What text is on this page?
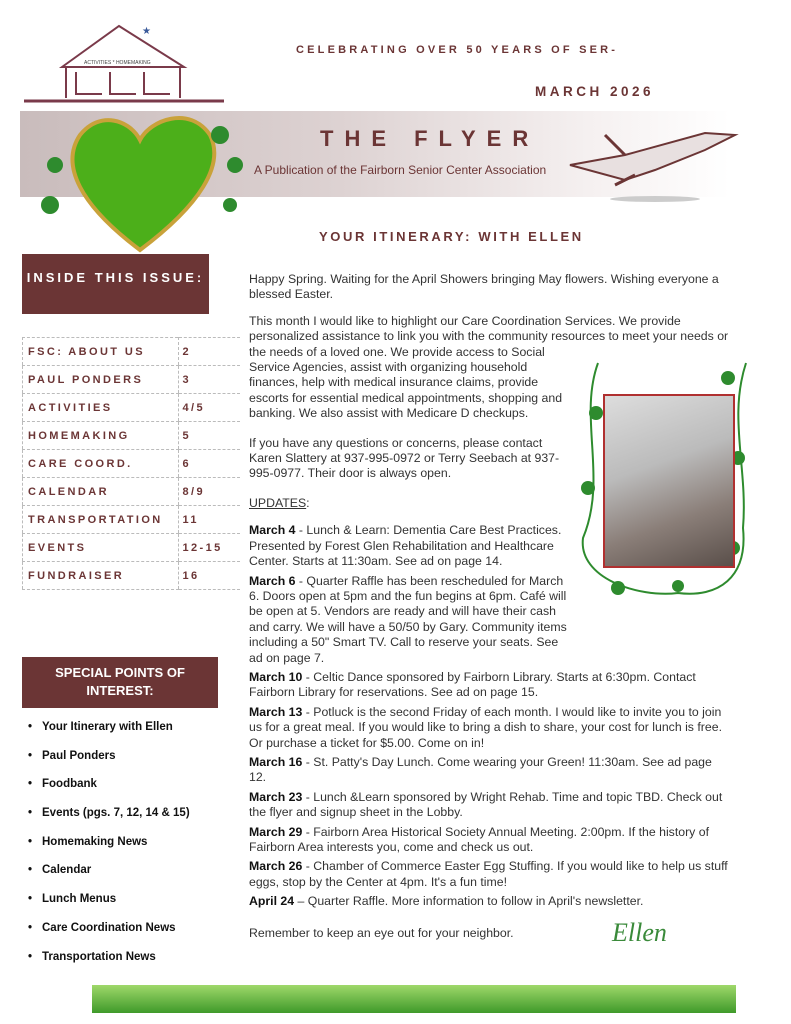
★
ACTIVITIES * HOMEMAKING
CELEBRATING OVER 50 YEARS OF SER-
MARCH 2026
THE FLYER
A Publication of the Fairborn Senior Center Association
YOUR ITINERARY: WITH ELLEN
INSIDE THIS ISSUE:
FSC: ABOUT US	2
PAUL PONDERS	3
ACTIVITIES	4/5
HOMEMAKING	5
CARE COORD.	6
CALENDAR	8/9
TRANSPORTATION	11
EVENTS	12-15
FUNDRAISER	16
SPECIAL POINTS OF INTEREST:
• Your Itinerary with Ellen
• Paul Ponders
• Foodbank
• Events (pgs. 7, 12, 14 & 15)
• Homemaking News
• Calendar
• Lunch Menus
• Care Coordination News
• Transportation News

Happy Spring. Waiting for the April Showers bringing May flowers. Wishing everyone a blessed Easter.

This month I would like to highlight our Care Coordination Services. We provide personalized assistance to link you with the community resources to meet your needs or

the needs of a loved one. We provide access to Social Service Agencies, assist with organizing household finances, help with medical insurance claims, provide escorts for essential medical appointments, shopping and banking. We also assist with Medicare D checkups.

If you have any questions or concerns, please contact Karen Slattery at 937-995-0972 or Terry Seebach at 937-995-0977. Their door is always open.

UPDATES:

March 4 - Lunch & Learn: Dementia Care Best Practices. Presented by Forest Glen Rehabilitation and Healthcare Center. Starts at 11:30am. See ad on page 14.

March 6 - Quarter Raffle has been rescheduled for March 6. Doors open at 5pm and the fun begins at 6pm. Café will be open at 5. Vendors are ready and will have their cash and carry. We will have a 50/50 by Gary. Community items including a 50" Smart TV. Call to reserve your seats. See ad on page 7.

March 10 - Celtic Dance sponsored by Fairborn Library. Starts at 6:30pm. Contact Fairborn Library for reservations. See ad on page 15.

March 13 - Potluck is the second Friday of each month. I would like to invite you to join us for a great meal. If you would like to bring a dish to share, your cost for lunch is free. Or purchase a ticket for $5.00. Come on in!

March 16 - St. Patty's Day Lunch. Come wearing your Green! 11:30am. See ad page 12.

March 23 - Lunch &Learn sponsored by Wright Rehab. Time and topic TBD. Check out the flyer and signup sheet in the Lobby.

March 29 - Fairborn Area Historical Society Annual Meeting. 2:00pm. If the history of Fairborn Area interests you, come and check us out.

March 26 - Chamber of Commerce Easter Egg Stuffing. If you would like to help us stuff eggs, stop by the Center at 4pm. It's a fun time!

April 24 – Quarter Raffle. More information to follow in April's newsletter.

Remember to keep an eye out for your neighbor.	Ellen
